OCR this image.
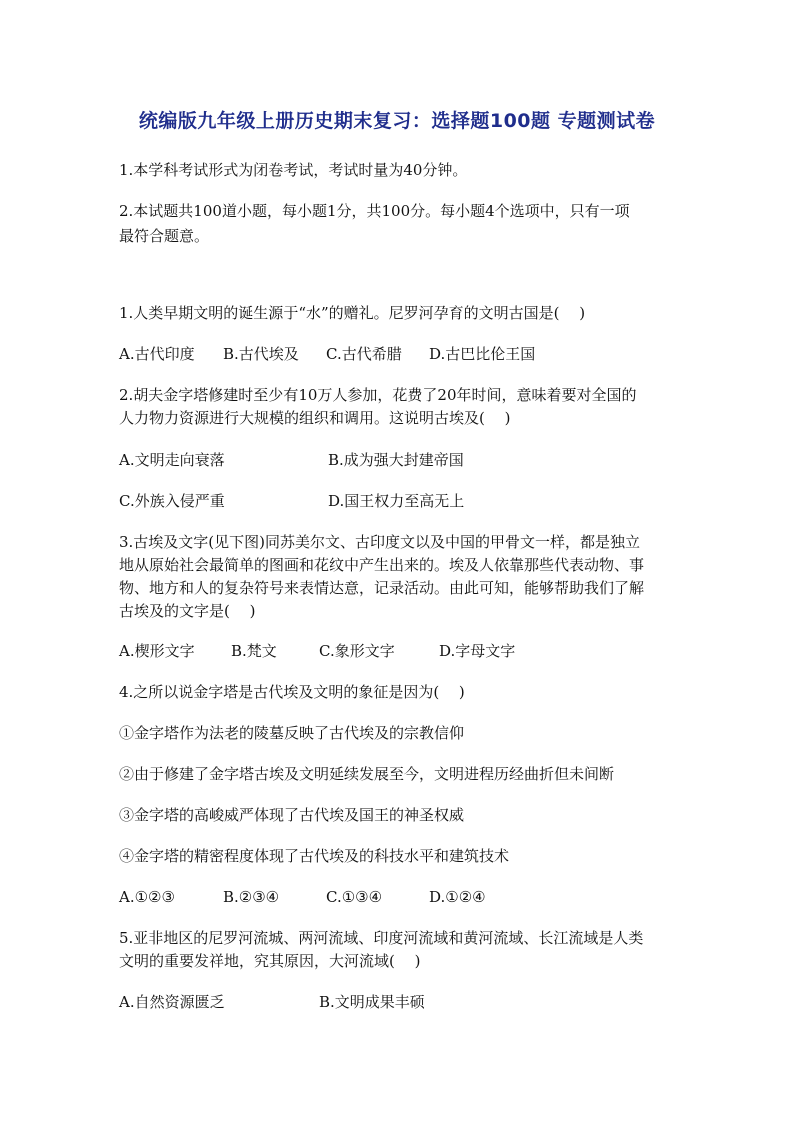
统编版九年级上册历史期末复习：选择题100题 专题测试卷
1.本学科考试形式为闭卷考试，考试时量为40分钟。
2.本试题共100道小题，每小题1分，共100分。每小题4个选项中，只有一项
最符合题意。
1.人类早期文明的诞生源于“水”的赠礼。尼罗河孕育的文明古国是(　 )
A.古代印度	B.古代埃及	C.古代希腊	D.古巴比伦王国
2.胡夫金字塔修建时至少有10万人参加，花费了20年时间，意味着要对全国的
人力物力资源进行大规模的组织和调用。这说明古埃及(　 )
A.文明走向衰落	B.成为强大封建帝国
C.外族入侵严重	D.国王权力至高无上
3.古埃及文字(见下图)同苏美尔文、古印度文以及中国的甲骨文一样，都是独立
地从原始社会最简单的图画和花纹中产生出来的。埃及人依靠那些代表动物、事
物、地方和人的复杂符号来表情达意，记录活动。由此可知，能够帮助我们了解
古埃及的文字是(　 )
A.楔形文字	B.梵文	C.象形文字	D.字母文字
4.之所以说金字塔是古代埃及文明的象征是因为(　 )
①金字塔作为法老的陵墓反映了古代埃及的宗教信仰
②由于修建了金字塔古埃及文明延续发展至今，文明进程历经曲折但未间断
③金字塔的高峻威严体现了古代埃及国王的神圣权威
④金字塔的精密程度体现了古代埃及的科技水平和建筑技术
A.①②③	B.②③④	C.①③④	D.①②④
5.亚非地区的尼罗河流城、两河流域、印度河流域和黄河流域、长江流域是人类
文明的重要发祥地，究其原因，大河流域(　 )
A.自然资源匮乏	B.文明成果丰硕
